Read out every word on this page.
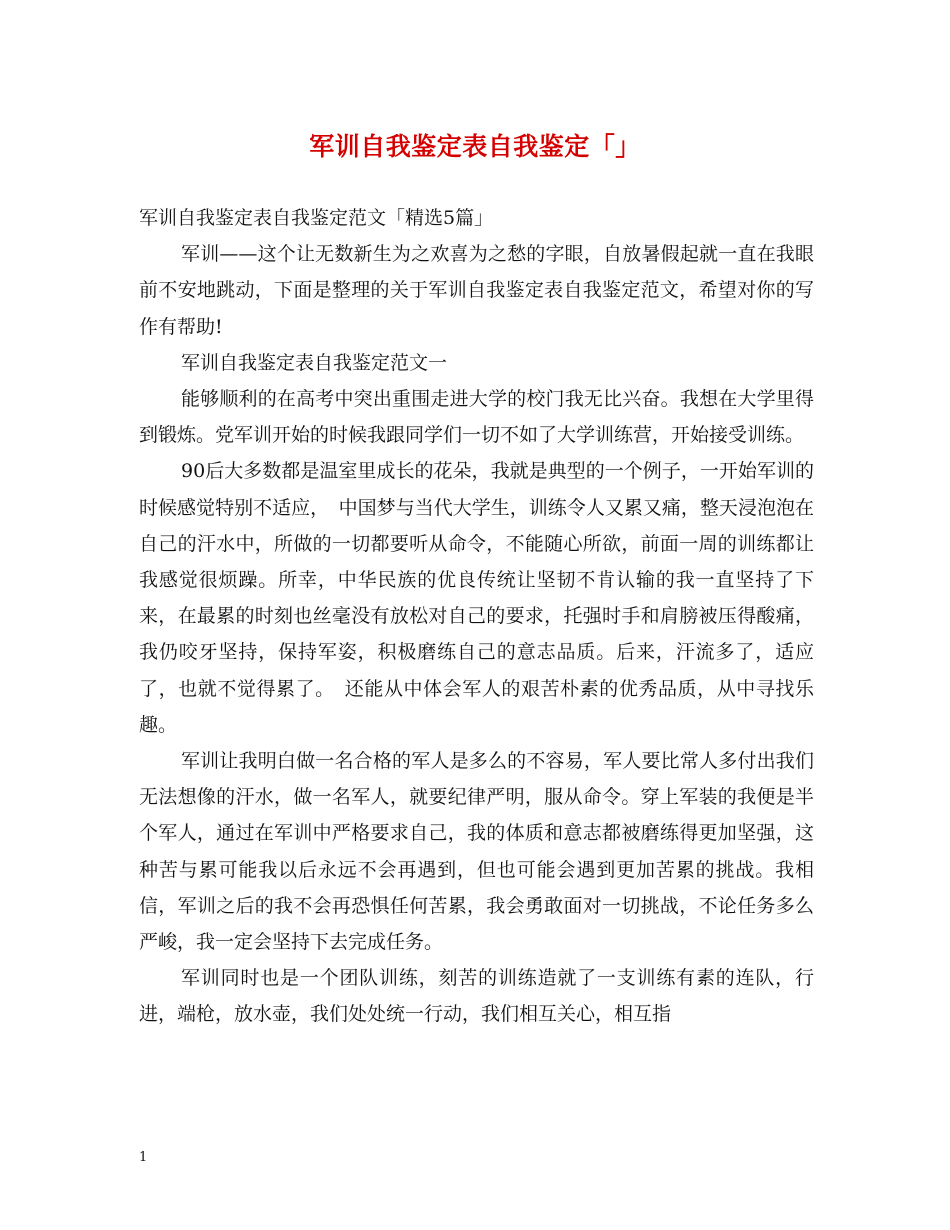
军训自我鉴定表自我鉴定「」

军训自我鉴定表自我鉴定范文「精选5篇」

军训——这个让无数新生为之欢喜为之愁的字眼，自放暑假起就一直在我眼前不安地跳动，下面是整理的关于军训自我鉴定表自我鉴定范文，希望对你的写作有帮助!

军训自我鉴定表自我鉴定范文一

能够顺利的在高考中突出重围走进大学的校门我无比兴奋。我想在大学里得到锻炼。党军训开始的时候我跟同学们一切不如了大学训练营，开始接受训练。

90后大多数都是温室里成长的花朵，我就是典型的一个例子，一开始军训的时候感觉特别不适应，　中国梦与当代大学生，训练令人又累又痛，整天浸泡泡在自己的汗水中，所做的一切都要听从命令，不能随心所欲，前面一周的训练都让我感觉很烦躁。所幸，中华民族的优良传统让坚韧不肯认输的我一直坚持了下来，在最累的时刻也丝毫没有放松对自己的要求，托强时手和肩膀被压得酸痛，我仍咬牙坚持，保持军姿，积极磨练自己的意志品质。后来，汗流多了，适应了，也就不觉得累了。　还能从中体会军人的艰苦朴素的优秀品质，从中寻找乐趣。

军训让我明白做一名合格的军人是多么的不容易，军人要比常人多付出我们无法想像的汗水，做一名军人，就要纪律严明，服从命令。穿上军装的我便是半个军人，通过在军训中严格要求自己，我的体质和意志都被磨练得更加坚强，这种苦与累可能我以后永远不会再遇到，但也可能会遇到更加苦累的挑战。我相信，军训之后的我不会再恐惧任何苦累，我会勇敢面对一切挑战，不论任务多么严峻，我一定会坚持下去完成任务。

军训同时也是一个团队训练，刻苦的训练造就了一支训练有素的连队，行进，端枪，放水壶，我们处处统一行动，我们相互关心，相互指

1
